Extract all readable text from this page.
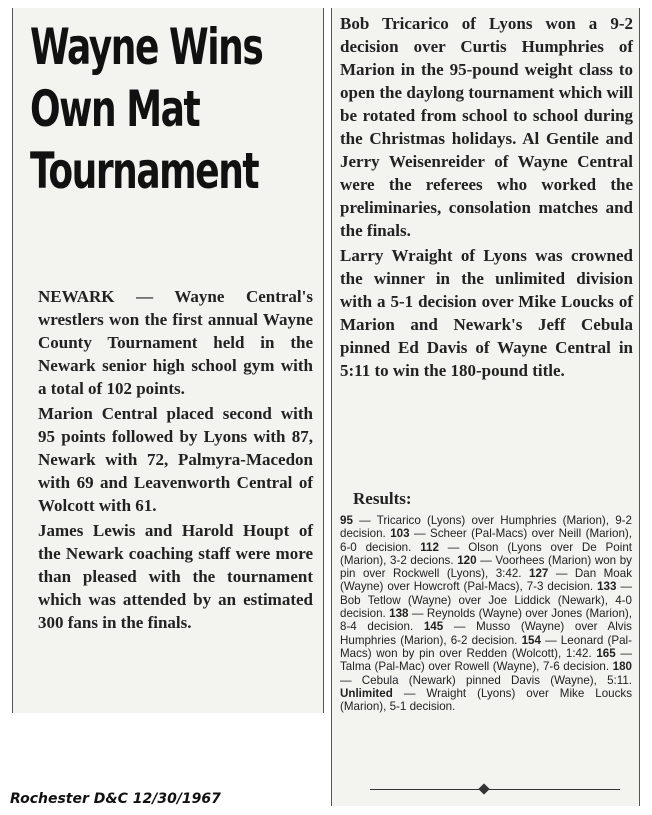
Wayne Wins
Own Mat
Tournament

NEWARK — Wayne Central's wrestlers won the first annual Wayne County Tournament held in the Newark senior high school gym with a total of 102 points.

Marion Central placed second with 95 points followed by Lyons with 87, Newark with 72, Palmyra-Macedon with 69 and Leavenworth Central of Wolcott with 61.

James Lewis and Harold Houpt of the Newark coaching staff were more than pleased with the tournament which was attended by an estimated 300 fans in the finals.

Bob Tricarico of Lyons won a 9-2 decision over Curtis Humphries of Marion in the 95-pound weight class to open the daylong tournament which will be rotated from school to school during the Christmas holidays. Al Gentile and Jerry Weisenreider of Wayne Central were the referees who worked the preliminaries, consolation matches and the finals.

Larry Wraight of Lyons was crowned the winner in the unlimited division with a 5-1 decision over Mike Loucks of Marion and Newark's Jeff Cebula pinned Ed Davis of Wayne Central in 5:11 to win the 180-pound title.

Results:
95 — Tricarico (Lyons) over Humphries (Marion), 9-2 decision. 103 — Scheer (Pal-Macs) over Neill (Marion), 6-0 decision. 112 — Olson (Lyons over De Point (Marion), 3-2 decions. 120 — Voorhees (Marion) won by pin over Rockwell (Lyons), 3:42. 127 — Dan Moak (Wayne) over Howcroft (Pal-Macs), 7-3 decision. 133 — Bob Tetlow (Wayne) over Joe Liddick (Newark), 4-0 decision. 138 — Reynolds (Wayne) over Jones (Marion), 8-4 decision. 145 — Musso (Wayne) over Alvis Humphries (Marion), 6-2 decision. 154 — Leonard (Pal-Macs) won by pin over Redden (Wolcott), 1:42. 165 — Talma (Pal-Mac) over Rowell (Wayne), 7-6 decision. 180 — Cebula (Newark) pinned Davis (Wayne), 5:11. Unlimited — Wraight (Lyons) over Mike Loucks (Marion), 5-1 decision.
Rochester D&C 12/30/1967
